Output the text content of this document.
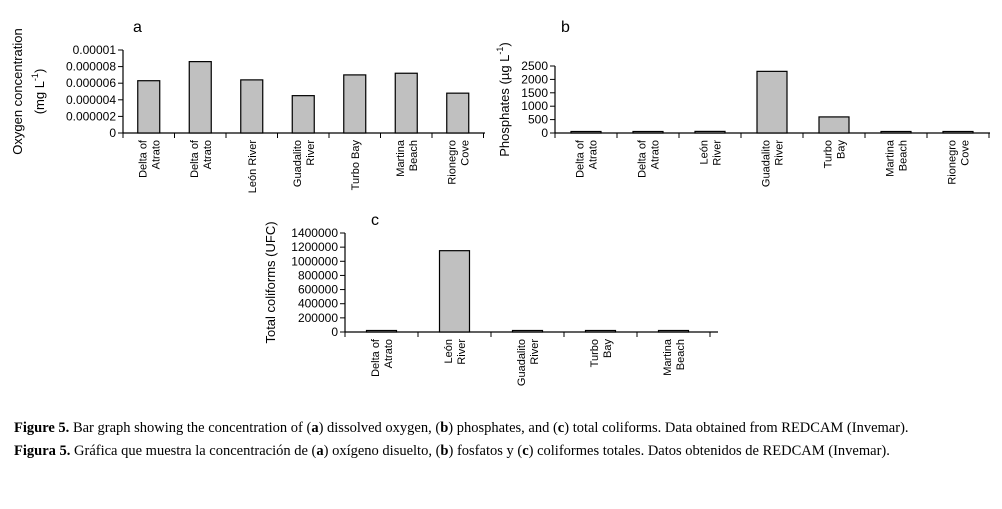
a
0.00001
0.000008
0.000006
0.000004
0.000002
0
Delta ofAtrato Delta ofAtrato	León River	GuadalitoRiver	Turbo Bay	MartinaBeach RionegroCove
Oxygen concentration (mg $L^{-1}$)
b
2500
2000
1500
1000
500
0
Delta ofAtrato	Delta ofAtrato	LeónRiver	GuadalitoRiver	TurboBay	MartinaBeach	RionegroCove
Phosphates (µg $L^{-1}$)
c
1400000
1200000
1000000
800000
600000
400000
200000
0
Delta ofAtrato	LeónRiver	GuadalitoRiver	TurboBay	MartinaBeach
Total coliforms (UFC)

Figure 5. Bar graph showing the concentration of (a) dissolved oxygen, (b) phosphates, and (c) total coliforms. Data obtained from REDCAM (Invemar).

Figura 5. Gráfica que muestra la concentración de (a) oxígeno disuelto, (b) fosfatos y (c) coliformes totales. Datos obtenidos de REDCAM (Invemar).
